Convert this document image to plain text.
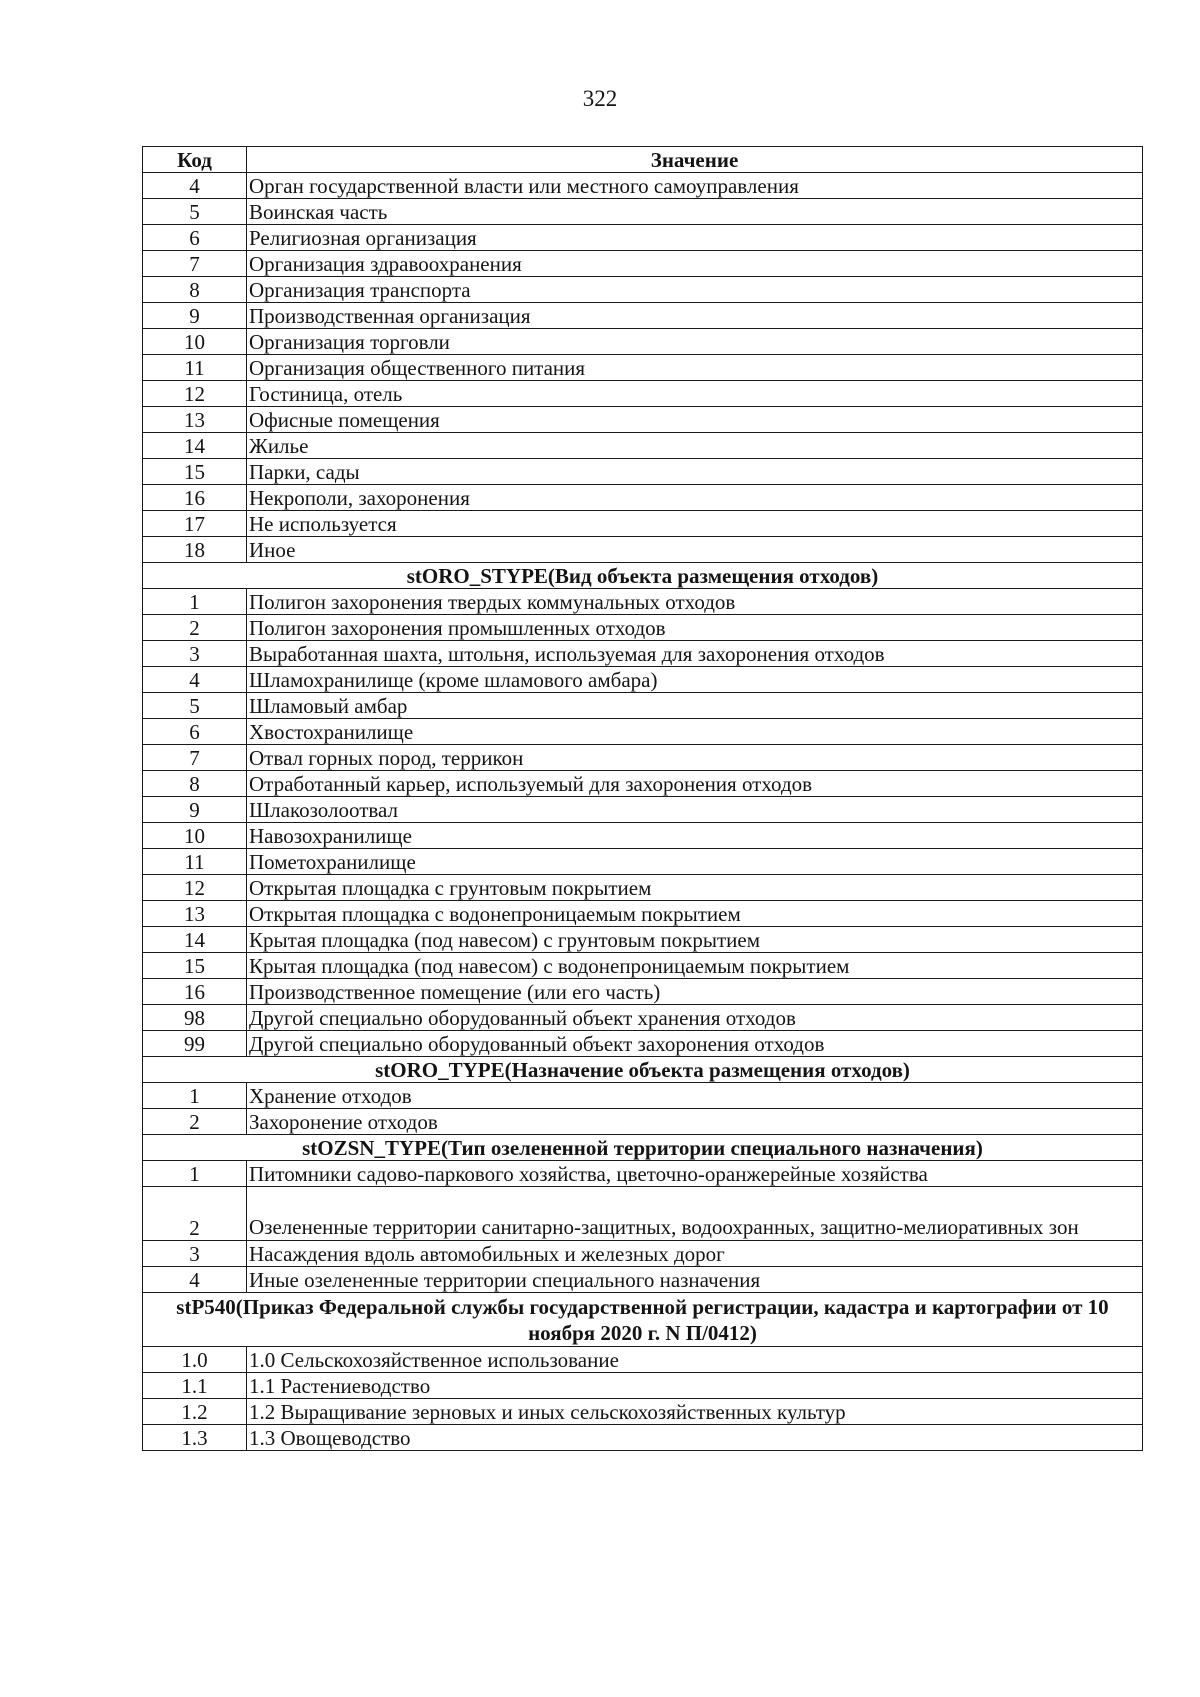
322
Код	Значение
4	Орган государственной власти или местного самоуправления
5	Воинская часть
6	Религиозная организация
7	Организация здравоохранения
8	Организация транспорта
9	Производственная организация
10	Организация торговли
11	Организация общественного питания
12	Гостиница, отель
13	Офисные помещения
14	Жилье
15	Парки, сады
16	Некрополи, захоронения
17	Не используется
18	Иное
stORO_STYPE(Вид объекта размещения отходов)	
1	Полигон захоронения твердых коммунальных отходов
2	Полигон захоронения промышленных отходов
3	Выработанная шахта, штольня, используемая для захоронения отходов
4	Шламохранилище (кроме шламового амбара)
5	Шламовый амбар
6	Хвостохранилище
7	Отвал горных пород, террикон
8	Отработанный карьер, используемый для захоронения отходов
9	Шлакозолоотвал
10	Навозохранилище
11	Пометохранилище
12	Открытая площадка с грунтовым покрытием
13	Открытая площадка с водонепроницаемым покрытием
14	Крытая площадка (под навесом) с грунтовым покрытием
15	Крытая площадка (под навесом) с водонепроницаемым покрытием
16	Производственное помещение (или его часть)
98	Другой специально оборудованный объект хранения отходов
99	Другой специально оборудованный объект захоронения отходов
stORO_TYPE(Назначение объекта размещения отходов)	
1	Хранение отходов
2	Захоронение отходов
stOZSN_TYPE(Тип озелененной территории специального назначения)	
1	Питомники садово-паркового хозяйства, цветочно-оранжерейные хозяйства
2	Озелененные территории санитарно-защитных, водоохранных, защитно-мелиоративных зон
3	Насаждения вдоль автомобильных и железных дорог
4	Иные озелененные территории специального назначения
stP540(Приказ Федеральной службы государственной регистрации, кадастра и картографии от 10 ноября 2020 г. N П/0412)	
1.0	1.0 Сельскохозяйственное использование
1.1	1.1 Растениеводство
1.2	1.2 Выращивание зерновых и иных сельскохозяйственных культур
1.3	1.3 Овощеводство
